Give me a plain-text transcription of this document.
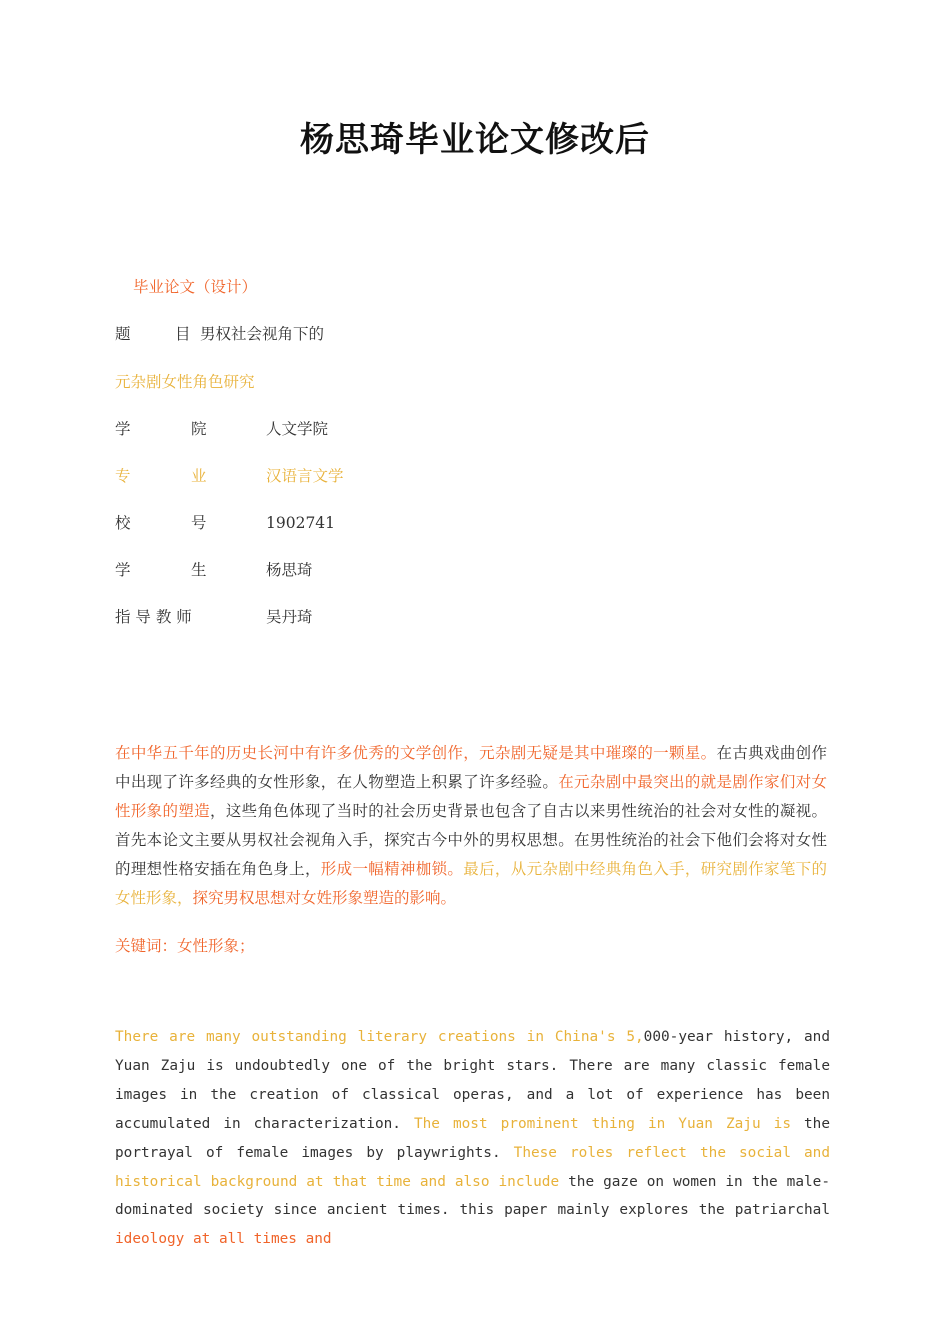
杨思琦毕业论文修改后
毕业论文（设计）
题	目 男权社会视角下的
元杂剧女性角色研究
学	院	人文学院
专	业	汉语言文学
校	号	1902741
学	生	杨思琦
指 导 教 师	吴丹琦
在中华五千年的历史长河中有许多优秀的文学创作，元杂剧无疑是其中璀璨的一颗星。在古典戏曲创作中出现了许多经典的女性形象，在人物塑造上积累了许多经验。在元杂剧中最突出的就是剧作家们对女性形象的塑造，这些角色体现了当时的社会历史背景也包含了自古以来男性统治的社会对女性的凝视。首先本论文主要从男权社会视角入手，探究古今中外的男权思想。在男性统治的社会下他们会将对女性的理想性格安插在角色身上，形成一幅精神枷锁。最后，从元杂剧中经典角色入手，研究剧作家笔下的女性形象，探究男权思想对女姓形象塑造的影响。
关键词：女性形象；
There are many outstanding literary creations in China's 5,000-year history, and Yuan Zaju is undoubtedly one of the bright stars. There are many classic female images in the creation of classical operas, and a lot of experience has been accumulated in characterization. The most prominent thing in Yuan Zaju is the portrayal of female images by playwrights. These roles reflect the social and historical background at that time and also include the gaze on women in the male-dominated society since ancient times. this paper mainly explores the patriarchal ideology at all times and
